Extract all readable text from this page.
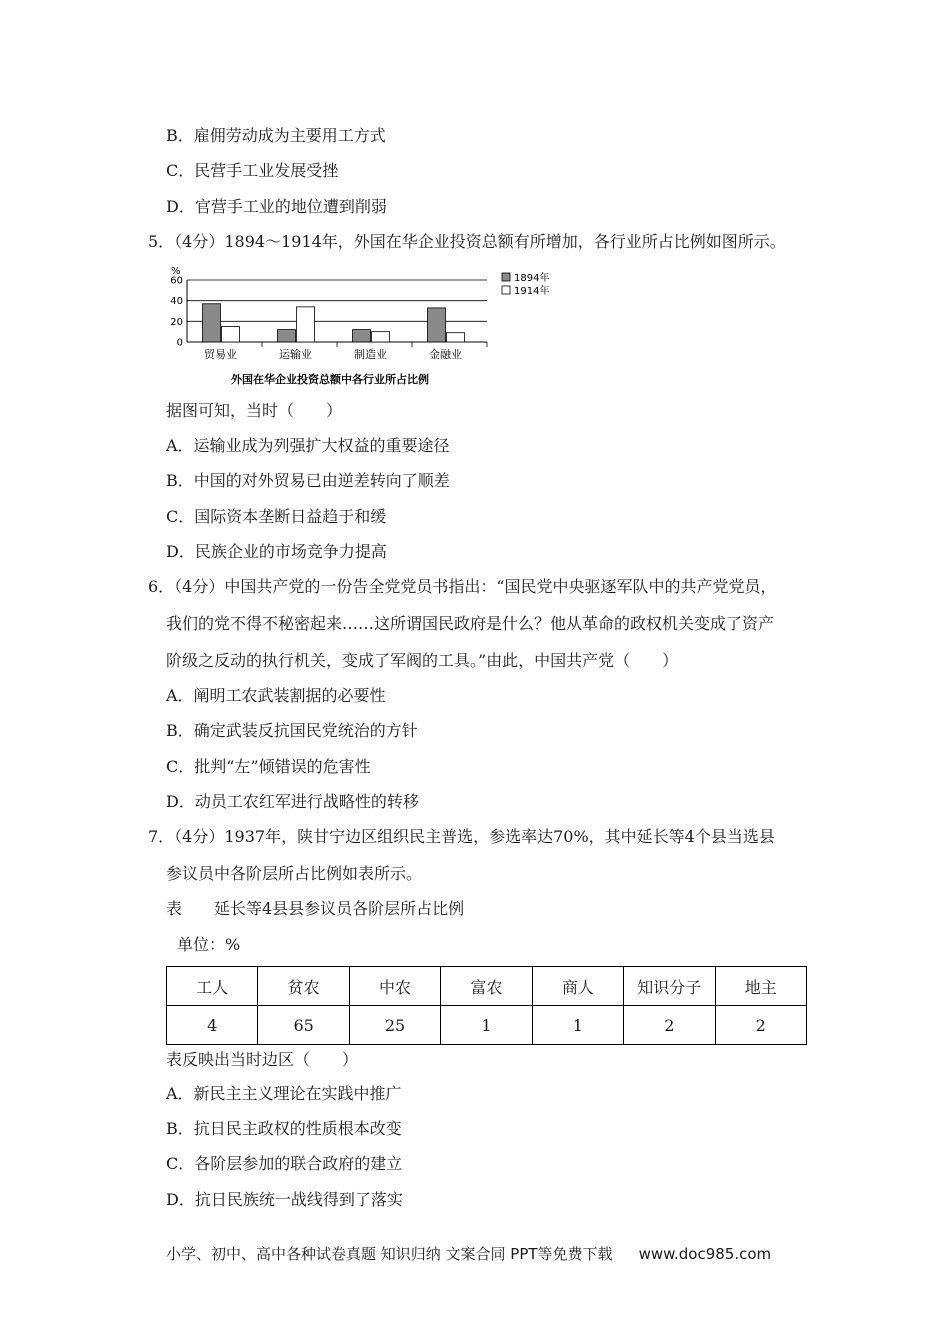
B．雇佣劳动成为主要用工方式
C．民营手工业发展受挫
D．官营手工业的地位遭到削弱
5．（4分）1894～1914年，外国在华企业投资总额有所增加，各行业所占比例如图所示。
%
0
20
40
60
贸易业	运输业	制造业	金融业
1894年
1914年
外国在华企业投资总额中各行业所占比例
据图可知，当时（　　）
A．运输业成为列强扩大权益的重要途径
B．中国的对外贸易已由逆差转向了顺差
C．国际资本垄断日益趋于和缓
D．民族企业的市场竞争力提高
6．（4分）中国共产党的一份告全党党员书指出：“国民党中央驱逐军队中的共产党党员，
我们的党不得不秘密起来……这所谓国民政府是什么？他从革命的政权机关变成了资产
阶级之反动的执行机关，变成了军阀的工具。”由此，中国共产党（　　）
A．阐明工农武装割据的必要性
B．确定武装反抗国民党统治的方针
C．批判“左”倾错误的危害性
D．动员工农红军进行战略性的转移
7．（4分）1937年，陕甘宁边区组织民主普选，参选率达70%，其中延长等4个县当选县
参议员中各阶层所占比例如表所示。
表　　延长等4县县参议员各阶层所占比例
单位：%
工人	贫农	中农	富农	商人	知识分子	地主
4	65	25	1	1	2	2
表反映出当时边区（　　）
A．新民主主义理论在实践中推广
B．抗日民主政权的性质根本改变
C．各阶层参加的联合政府的建立
D．抗日民族统一战线得到了落实
小学、初中、高中各种试卷真题 知识归纳 文案合同 PPT等免费下载 www.doc985.com
